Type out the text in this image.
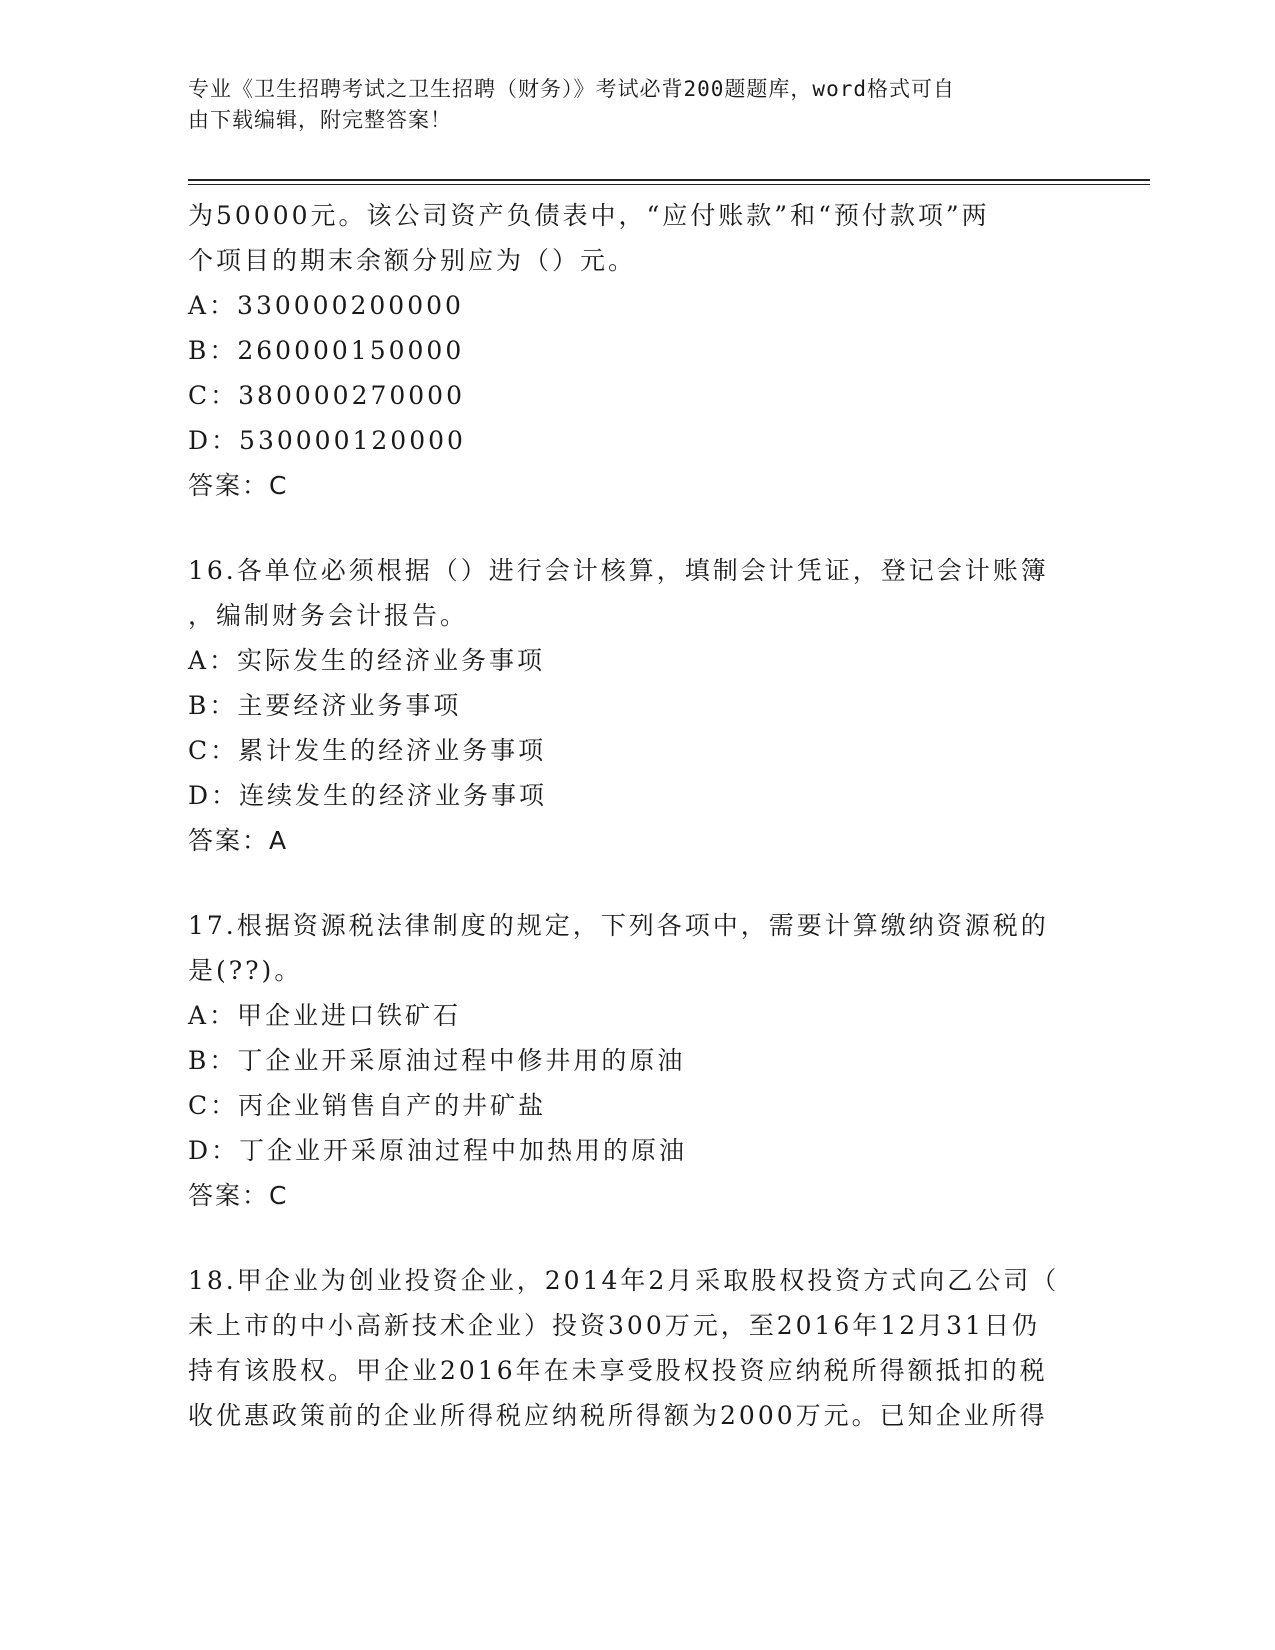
专业《卫生招聘考试之卫生招聘（财务）》考试必背200题题库，word格式可自
由下载编辑，附完整答案！
为50000元。该公司资产负债表中，“应付账款”和“预付款项”两
个项目的期末余额分别应为（）元。
A：330000200000
B：260000150000
C：380000270000
D：530000120000
答案：C
16.各单位必须根据（）进行会计核算，填制会计凭证，登记会计账簿
，编制财务会计报告。
A：实际发生的经济业务事项
B：主要经济业务事项
C：累计发生的经济业务事项
D：连续发生的经济业务事项
答案：A
17.根据资源税法律制度的规定，下列各项中，需要计算缴纳资源税的
是(??)。
A：甲企业进口铁矿石
B：丁企业开采原油过程中修井用的原油
C：丙企业销售自产的井矿盐
D：丁企业开采原油过程中加热用的原油
答案：C
18.甲企业为创业投资企业，2014年2月采取股权投资方式向乙公司（
未上市的中小高新技术企业）投资300万元，至2016年12月31日仍
持有该股权。甲企业2016年在未享受股权投资应纳税所得额抵扣的税
收优惠政策前的企业所得税应纳税所得额为2000万元。已知企业所得
